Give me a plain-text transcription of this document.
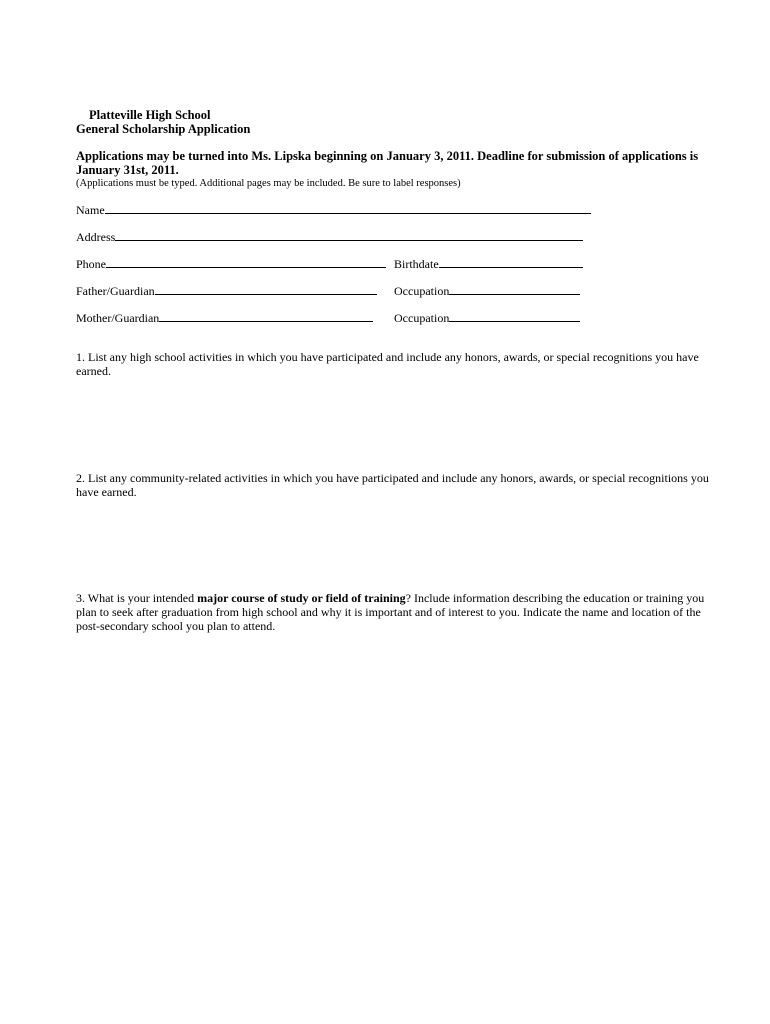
Platteville High School
General Scholarship Application
Applications may be turned into Ms. Lipska beginning on January 3, 2011. Deadline for submission of applications is January 31st, 2011.
(Applications must be typed. Additional pages may be included. Be sure to label responses)
Name
Address
Phone	Birthdate
Father/Guardian	Occupation
Mother/Guardian	Occupation
1. List any high school activities in which you have participated and include any honors, awards, or special recognitions you have earned.
2. List any community-related activities in which you have participated and include any honors, awards, or special recognitions you have earned.
3. What is your intended major course of study or field of training? Include information describing the education or training you plan to seek after graduation from high school and why it is important and of interest to you. Indicate the name and location of the post-secondary school you plan to attend.
